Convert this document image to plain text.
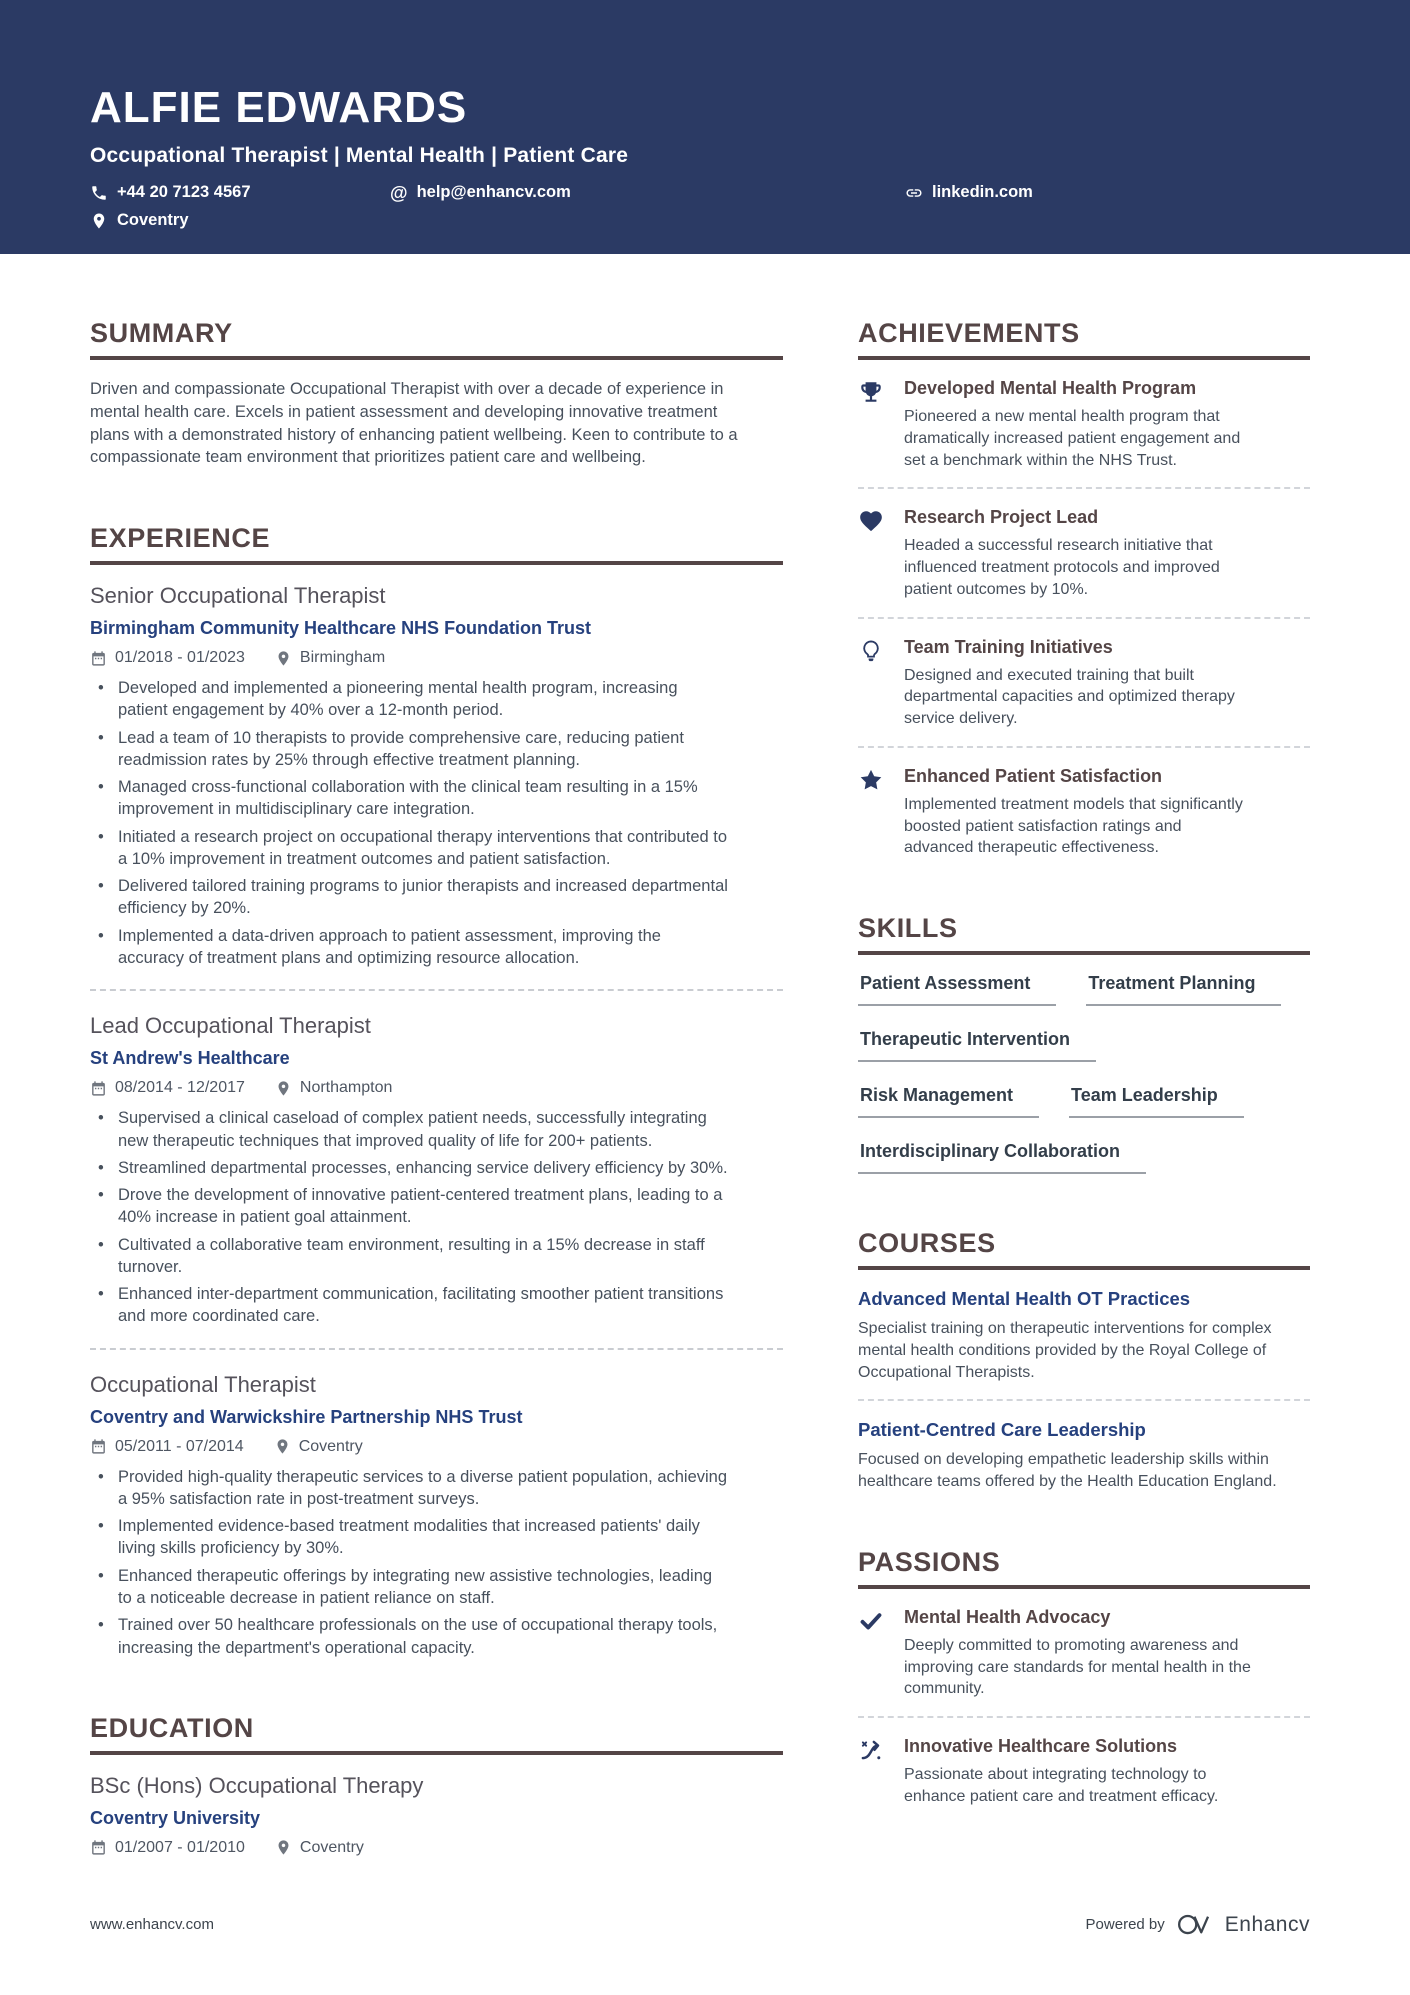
ALFIE EDWARDS
Occupational Therapist | Mental Health | Patient Care
+44 20 7123 4567	@ help@enhancv.com	linkedin.com
Coventry
SUMMARY

Driven and compassionate Occupational Therapist with over a decade of experience in mental health care. Excels in patient assessment and developing innovative treatment plans with a demonstrated history of enhancing patient wellbeing. Keen to contribute to a compassionate team environment that prioritizes patient care and wellbeing.

EXPERIENCE
Senior Occupational Therapist
Birmingham Community Healthcare NHS Foundation Trust
01/2018 - 01/2023	Birmingham
• Developed and implemented a pioneering mental health program, increasing patient engagement by 40% over a 12-month period.
• Lead a team of 10 therapists to provide comprehensive care, reducing patient readmission rates by 25% through effective treatment planning.
• Managed cross-functional collaboration with the clinical team resulting in a 15% improvement in multidisciplinary care integration.
• Initiated a research project on occupational therapy interventions that contributed to a 10% improvement in treatment outcomes and patient satisfaction.
• Delivered tailored training programs to junior therapists and increased departmental efficiency by 20%.
• Implemented a data-driven approach to patient assessment, improving the accuracy of treatment plans and optimizing resource allocation.
Lead Occupational Therapist
St Andrew's Healthcare
08/2014 - 12/2017	Northampton
• Supervised a clinical caseload of complex patient needs, successfully integrating new therapeutic techniques that improved quality of life for 200+ patients.
• Streamlined departmental processes, enhancing service delivery efficiency by 30%.
• Drove the development of innovative patient-centered treatment plans, leading to a 40% increase in patient goal attainment.
• Cultivated a collaborative team environment, resulting in a 15% decrease in staff turnover.
• Enhanced inter-department communication, facilitating smoother patient transitions and more coordinated care.
Occupational Therapist
Coventry and Warwickshire Partnership NHS Trust
05/2011 - 07/2014	Coventry
• Provided high-quality therapeutic services to a diverse patient population, achieving a 95% satisfaction rate in post-treatment surveys.
• Implemented evidence-based treatment modalities that increased patients' daily living skills proficiency by 30%.
• Enhanced therapeutic offerings by integrating new assistive technologies, leading to a noticeable decrease in patient reliance on staff.
• Trained over 50 healthcare professionals on the use of occupational therapy tools, increasing the department's operational capacity.
EDUCATION
BSc (Hons) Occupational Therapy
Coventry University
01/2007 - 01/2010	Coventry
ACHIEVEMENTS
Developed Mental Health Program
Pioneered a new mental health program that dramatically increased patient engagement and set a benchmark within the NHS Trust.
Research Project Lead
Headed a successful research initiative that influenced treatment protocols and improved patient outcomes by 10%.
Team Training Initiatives
Designed and executed training that built departmental capacities and optimized therapy service delivery.
Enhanced Patient Satisfaction
Implemented treatment models that significantly boosted patient satisfaction ratings and advanced therapeutic effectiveness.
SKILLS
Patient Assessment	Treatment Planning
Therapeutic Intervention
Risk Management	Team Leadership
Interdisciplinary Collaboration
COURSES
Advanced Mental Health OT Practices
Specialist training on therapeutic interventions for complex mental health conditions provided by the Royal College of Occupational Therapists.
Patient-Centred Care Leadership
Focused on developing empathetic leadership skills within healthcare teams offered by the Health Education England.
PASSIONS
Mental Health Advocacy
Deeply committed to promoting awareness and improving care standards for mental health in the community.
Innovative Healthcare Solutions
Passionate about integrating technology to enhance patient care and treatment efficacy.
www.enhancv.com	Powered by	Enhancv
